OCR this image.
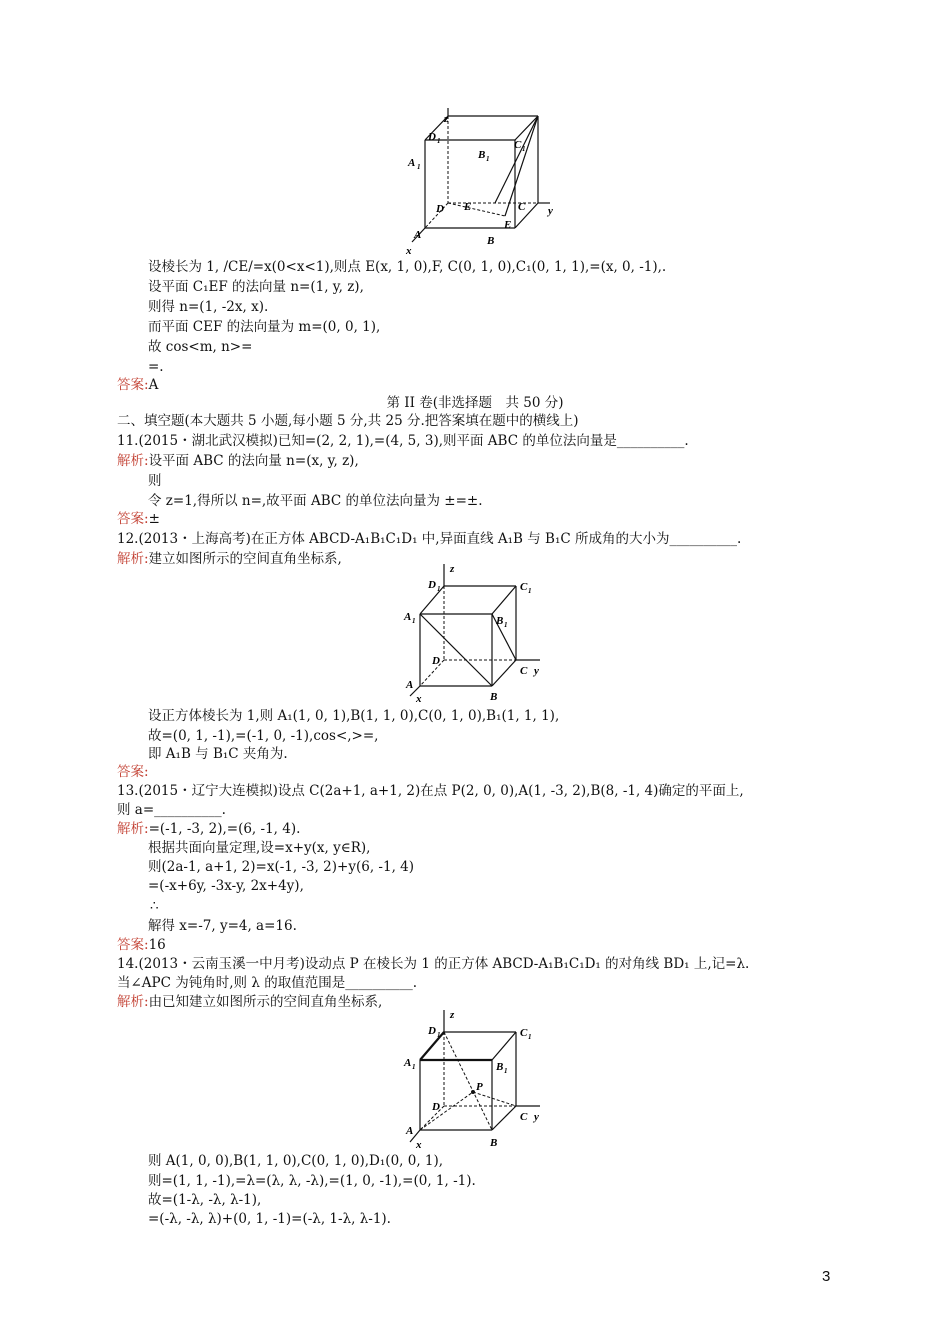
z
y
x
D 1
A 1
B 1
C 1
D E	C
E
A	B
设棱长为 1, /CE/=x(0<x<1),则点 E(x, 1, 0),F, C(0, 1, 0),C₁(0, 1, 1),=(x, 0, -1),.
设平面 C₁EF 的法向量 n=(1, y, z),
则得 n=(1, -2x, x).
而平面 CEF 的法向量为 m=(0, 0, 1),
故 cos<m, n>=
=.
答案:A
第 II 卷(非选择题　共 50 分)
二、填空题(本大题共 5 小题,每小题 5 分,共 25 分.把答案填在题中的横线上)
11.(2015・湖北武汉模拟)已知=(2, 2, 1),=(4, 5, 3),则平面 ABC 的单位法向量是__________.
解析:设平面 ABC 的法向量 n=(x, y, z),
则
令 z=1,得所以 n=,故平面 ABC 的单位法向量为 ±=±.
答案:±
12.(2013・上海高考)在正方体 ABCD-A₁B₁C₁D₁ 中,异面直线 A₁B 与 B₁C 所成角的大小为__________.
解析:建立如图所示的空间直角坐标系,
z
y
x
D 1	C 1
A 1	B 1
D
C
A
B
设正方体棱长为 1,则 A₁(1, 0, 1),B(1, 1, 0),C(0, 1, 0),B₁(1, 1, 1),
故=(0, 1, -1),=(-1, 0, -1),cos<,>=,
即 A₁B 与 B₁C 夹角为.
答案:
13.(2015・辽宁大连模拟)设点 C(2a+1, a+1, 2)在点 P(2, 0, 0),A(1, -3, 2),B(8, -1, 4)确定的平面上,
则 a=__________.
解析:=(-1, -3, 2),=(6, -1, 4).
根据共面向量定理,设=x+y(x, y∈R),
则(2a-1, a+1, 2)=x(-1, -3, 2)+y(6, -1, 4)
=(-x+6y, -3x-y, 2x+4y),
∴
解得 x=-7, y=4, a=16.
答案:16
14.(2013・云南玉溪一中月考)设动点 P 在棱长为 1 的正方体 ABCD-A₁B₁C₁D₁ 的对角线 BD₁ 上,记=λ.
当∠APC 为钝角时,则 λ 的取值范围是__________.
解析:由已知建立如图所示的空间直角坐标系,
z
y
x
D 1	C 1
A 1	B 1
P
D
C
A
B
则 A(1, 0, 0),B(1, 1, 0),C(0, 1, 0),D₁(0, 0, 1),
则=(1, 1, -1),=λ=(λ, λ, -λ),=(1, 0, -1),=(0, 1, -1).
故=(1-λ, -λ, λ-1),
=(-λ, -λ, λ)+(0, 1, -1)=(-λ, 1-λ, λ-1).
3
